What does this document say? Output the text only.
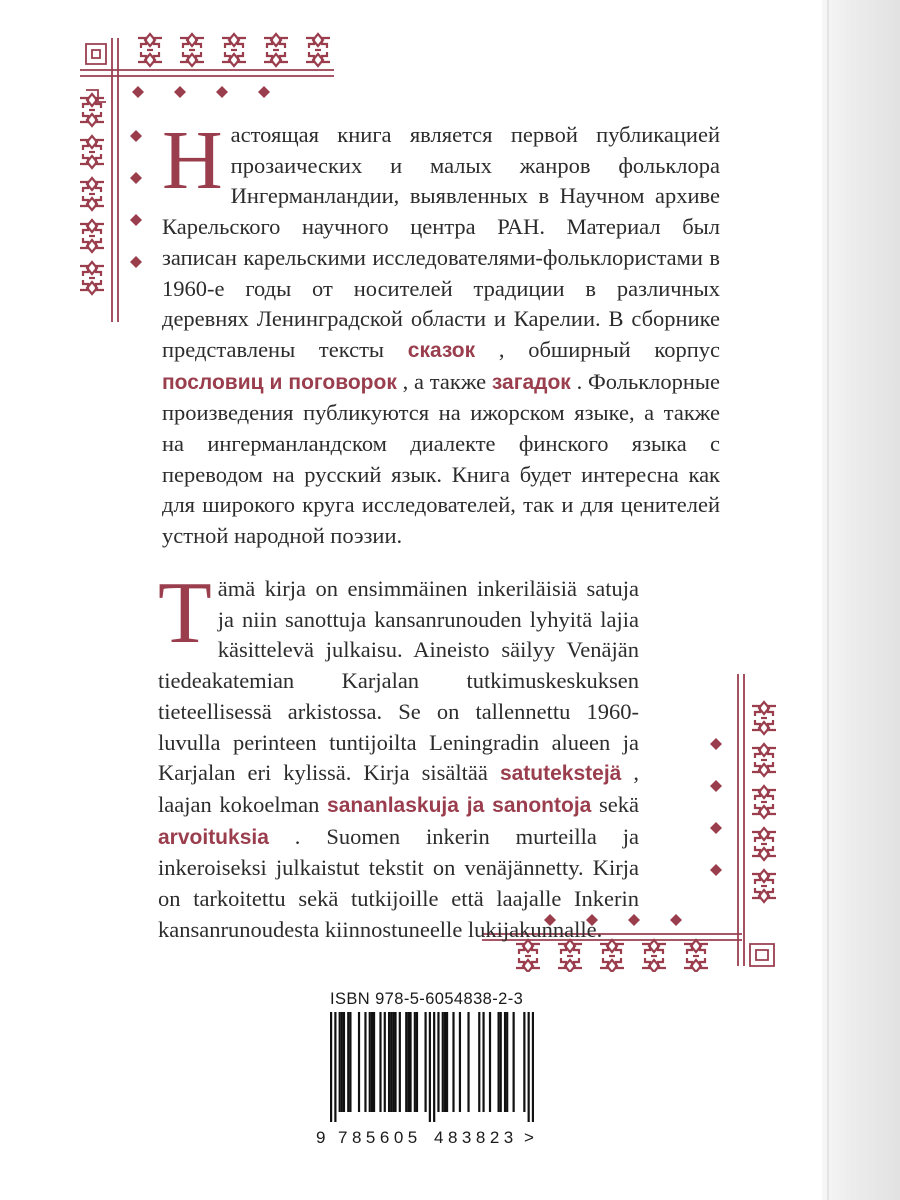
Н астоящая книга является первой публикацией прозаических и малых жанров фольклора Ингерманландии, выявленных в Научном архиве Карельского научного центра РАН. Материал был записан карельскими исследователями-фольклористами в 1960-е годы от носителей традиции в различных деревнях Ленинградской области и Карелии. В сборнике представлены тексты сказок , обширный корпус пословиц и поговорок , а также загадок . Фольклорные произведения публикуются на ижорском языке, а также на ингерманландском диалекте финского языка с переводом на русский язык. Книга будет интересна как для широкого круга исследователей, так и для ценителей устной народной поэзии.

T ämä kirja on ensimmäinen inkeriläisiä satuja ja niin sanottuja kansanrunouden lyhyitä lajia käsittelevä julkaisu. Aineisto säilyy Venäjän tiedeakatemian Karjalan tutkimuskeskuksen tieteellisessä arkistossa. Se on tallennettu 1960-luvulla perinteen tuntijoilta Leningradin alueen ja Karjalan eri kylissä. Kirja sisältää satutekstejä , laajan kokoelman sananlaskuja ja sanontoja sekä arvoituksia . Suomen inkerin murteilla ja inkeroiseksi julkaistut tekstit on venäjännetty. Kirja on tarkoitettu sekä tutkijoille että laajalle Inkerin kansanrunoudesta kiinnostuneelle lukijakunnalle.

ISBN 978-5-6054838-2-3
9 785605 483823 >
